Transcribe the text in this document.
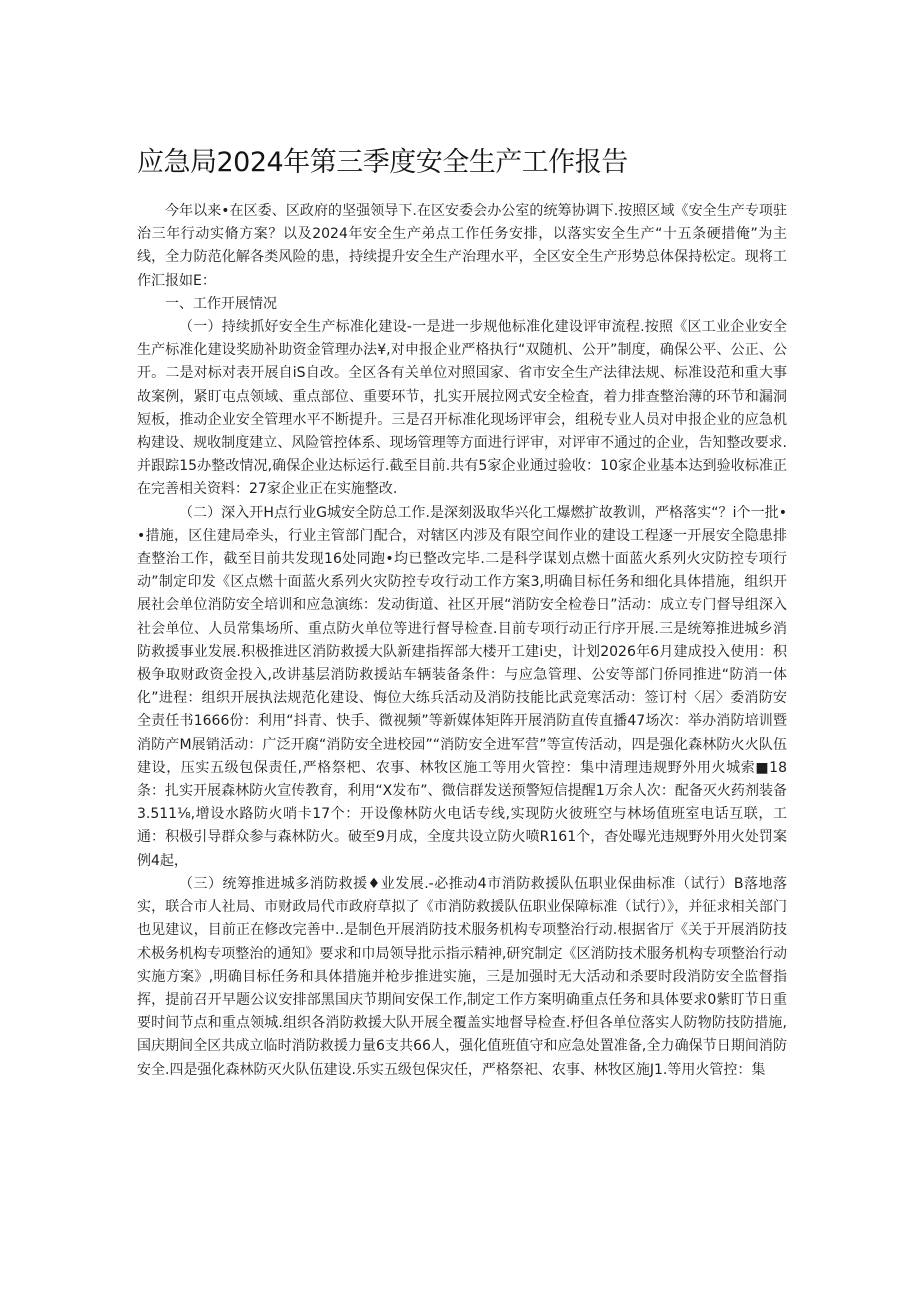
应急局2024年第三季度安全生产工作报告

今年以来•在区委、区政府的坚强领导下.在区安委会办公室的统筹协调下.按照区域《安全生产专项驻治三年行动实脩方案？以及2024年安全生产弟点工作任务安排，以落实安全生产“十五条硬措俺”为主线，全力防范化解各类风险的患，持续提升安全生产治理水平，全区安全生产形势总体保持松定。现将工作汇报如E：

一、工作开展情况

（一）持续抓好安全生产标准化建设-一是进一步规他标准化建设评审流程.按照《区工业企业安全生产标准化建设奖励补助资金管理办法¥,对申报企业严格执行“双随机、公开”制度，确保公平、公正、公开。二是对标对表开展自iS自改。全区各有关单位对照国家、省市安全生产法律法规、标准设范和重大事故案例，紧盯屯点领域、重点部位、重要环节，扎实开展拉网式安全检査，着力排查整治薄的环节和漏洞短板，推动企业安全管理水平不断提升。三是召开标准化现场评审会，组税专业人员对申报企业的应急机构建设、规收制度建立、风险管控体系、现场管理等方面进行评审，对评审不通过的企业，告知整改要求.并跟踪15办整改情况,确保企业达标运行.截至目前.共有5家企业通过验收：10家企业基本达到验收标准正在完善相关资料：27家企业正在实施整改.

（二）深入开H点行业G城安全防总工作.是深刻汲取华兴化工爆燃扩故教训，严格落实“？i个一批••措施，区住建局牵头，行业主管部门配合，对辖区内涉及有限空间作业的建设工程逐一开展安全隐患排查整治工作，截至目前共发现16处同跑•均已整改完毕.二是科学谋划点燃十面蓝火系列火灾防控专项行动”制定印发《区点燃十面蓝火系列火灾防控专攻行动工作方案3,明确目标任务和细化具体措施，组织开展社会单位消防安全培训和应急演练：发动街道、社区开展“消防安全检卷日”活动：成立专门督导组深入社会单位、人员常集场所、重点防火单位等进行督导检查.目前专项行动正行序开展.三是统筹推进城乡消防救援事业发展.积极推进区消防救援大队新建指挥部大楼开工建i史，计划2026年6月建成投入使用：积极争取财政资金投入,改讲基层消防救援站车辆装备条件：与应急管理、公安等部门侨同推进“防消一体化”进程：组织开展执法规范化建设、悔位大练兵活动及消防技能比武竞寒活动：签订村〈居〉委消防安全责任书1666份：利用“抖青、快手、微视频”等新媒体矩阵开展消防直传直播47场次：举办消防培训暨消防产M展销活动：广泛开腐“消防安全进校园”“消防安全进军营”等宣传活动，四是强化森林防火火队伍建设，压实五级包保责任,严格祭杷、农事、林牧区施工等用火管控：集中清理违规野外用火城索■18条：扎实开展森林防火宣传教育，利用“X发布”、微信群发送预警短信提醒1万余人次：配备灭火药剂装备3.511⅛,增设水路防火哨卡17个：开设像林防火电话专线,实现防火彼班空与林场值班室电话互联，工通：积极引导群众参与森林防火。破至9月成，全度共设立防火喷R161个，杳处曝光违规野外用火处罚案例4起，

（三）统筹推进城多消防救援♦业发展.-必推动4市消防救援队伍职业保曲标准（试行）B落地落实，联合市人社局、市财政局代市政府草拟了《市消防救援队伍职业保障标准（试行）》，并征求相关部门也见建议，目前正在修改完善中..是制色开展消防技术服务机构专项整治行动.根据省厅《关于开展消防技术极务机构专项整治的通知》要求和巾局领导批示指示精神,研究制定《区消防技术服务机构专项整治行动实施方案》,明确目标任务和具体措施并枪步推进实施，三是加强时无大活动和杀要时段消防安全监督指挥，提前召开早题公议安排部黑国庆节期间安保工作,制定工作方案明确重点任务和具体要求0紫盯节日重要时间节点和重点领城.组织各消防救援大队开展全覆盖实地督导检查.杼但各单位落实人防物防技防措施,国庆期间全区共成立临时消防救援力量6支共66人，强化值班值守和应急处置准备,全力确保节日期间消防安全.四是强化森林防灭火队伍建设.乐实五级包保灾任，严格祭祀、农事、林牧区施J1.等用火管控：集
